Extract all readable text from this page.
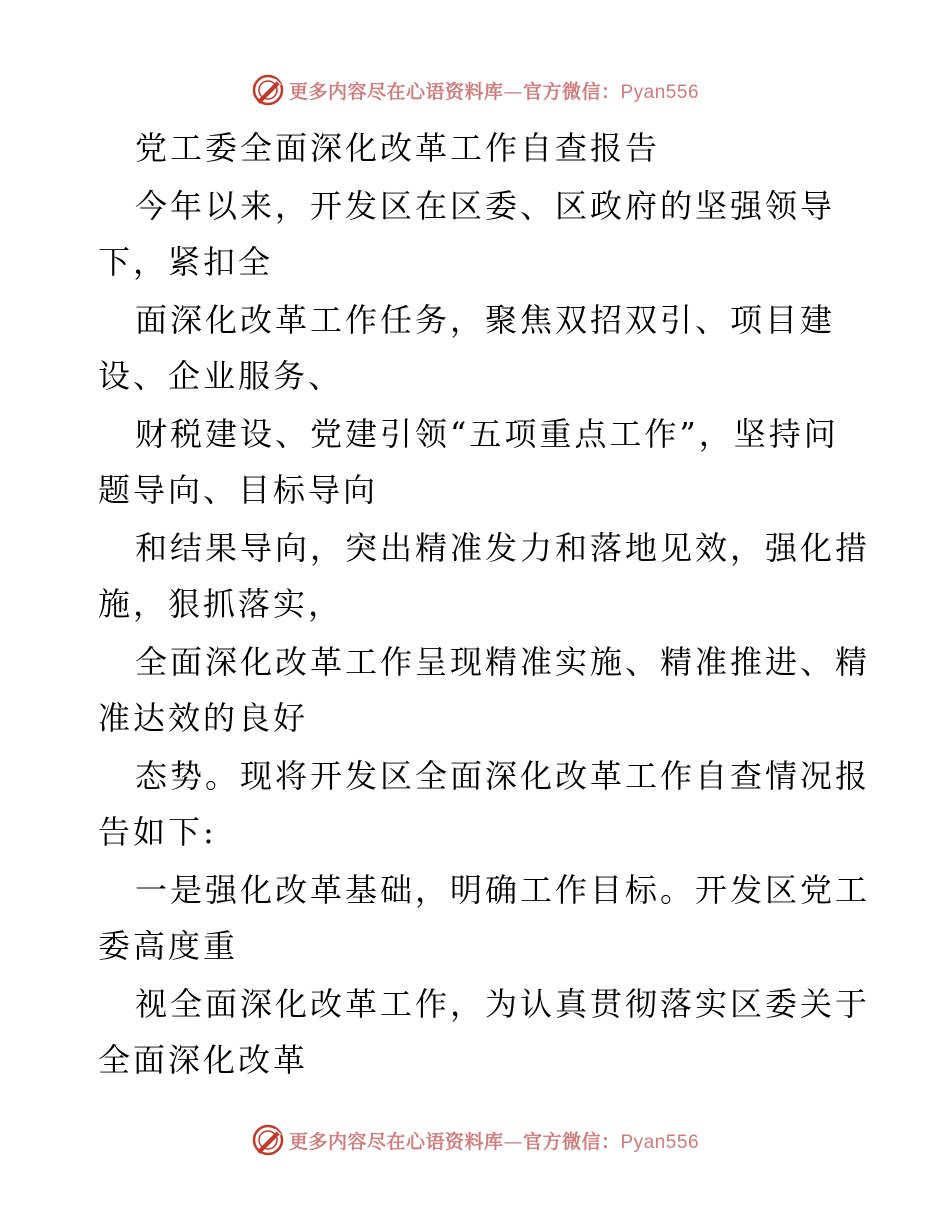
更多内容尽在心语资料库—官方微信：Pyan556
党工委全面深化改革工作自查报告
今年以来，开发区在区委、区政府的坚强领导
下，紧扣全
面深化改革工作任务，聚焦双招双引、项目建
设、企业服务、
财税建设、党建引领“五项重点工作”，坚持问
题导向、目标导向
和结果导向，突出精准发力和落地见效，强化措
施，狠抓落实，
全面深化改革工作呈现精准实施、精准推进、精
准达效的良好
态势。现将开发区全面深化改革工作自查情况报
告如下:
一是强化改革基础，明确工作目标。开发区党工
委高度重
视全面深化改革工作，为认真贯彻落实区委关于
全面深化改革
更多内容尽在心语资料库—官方微信：Pyan556
